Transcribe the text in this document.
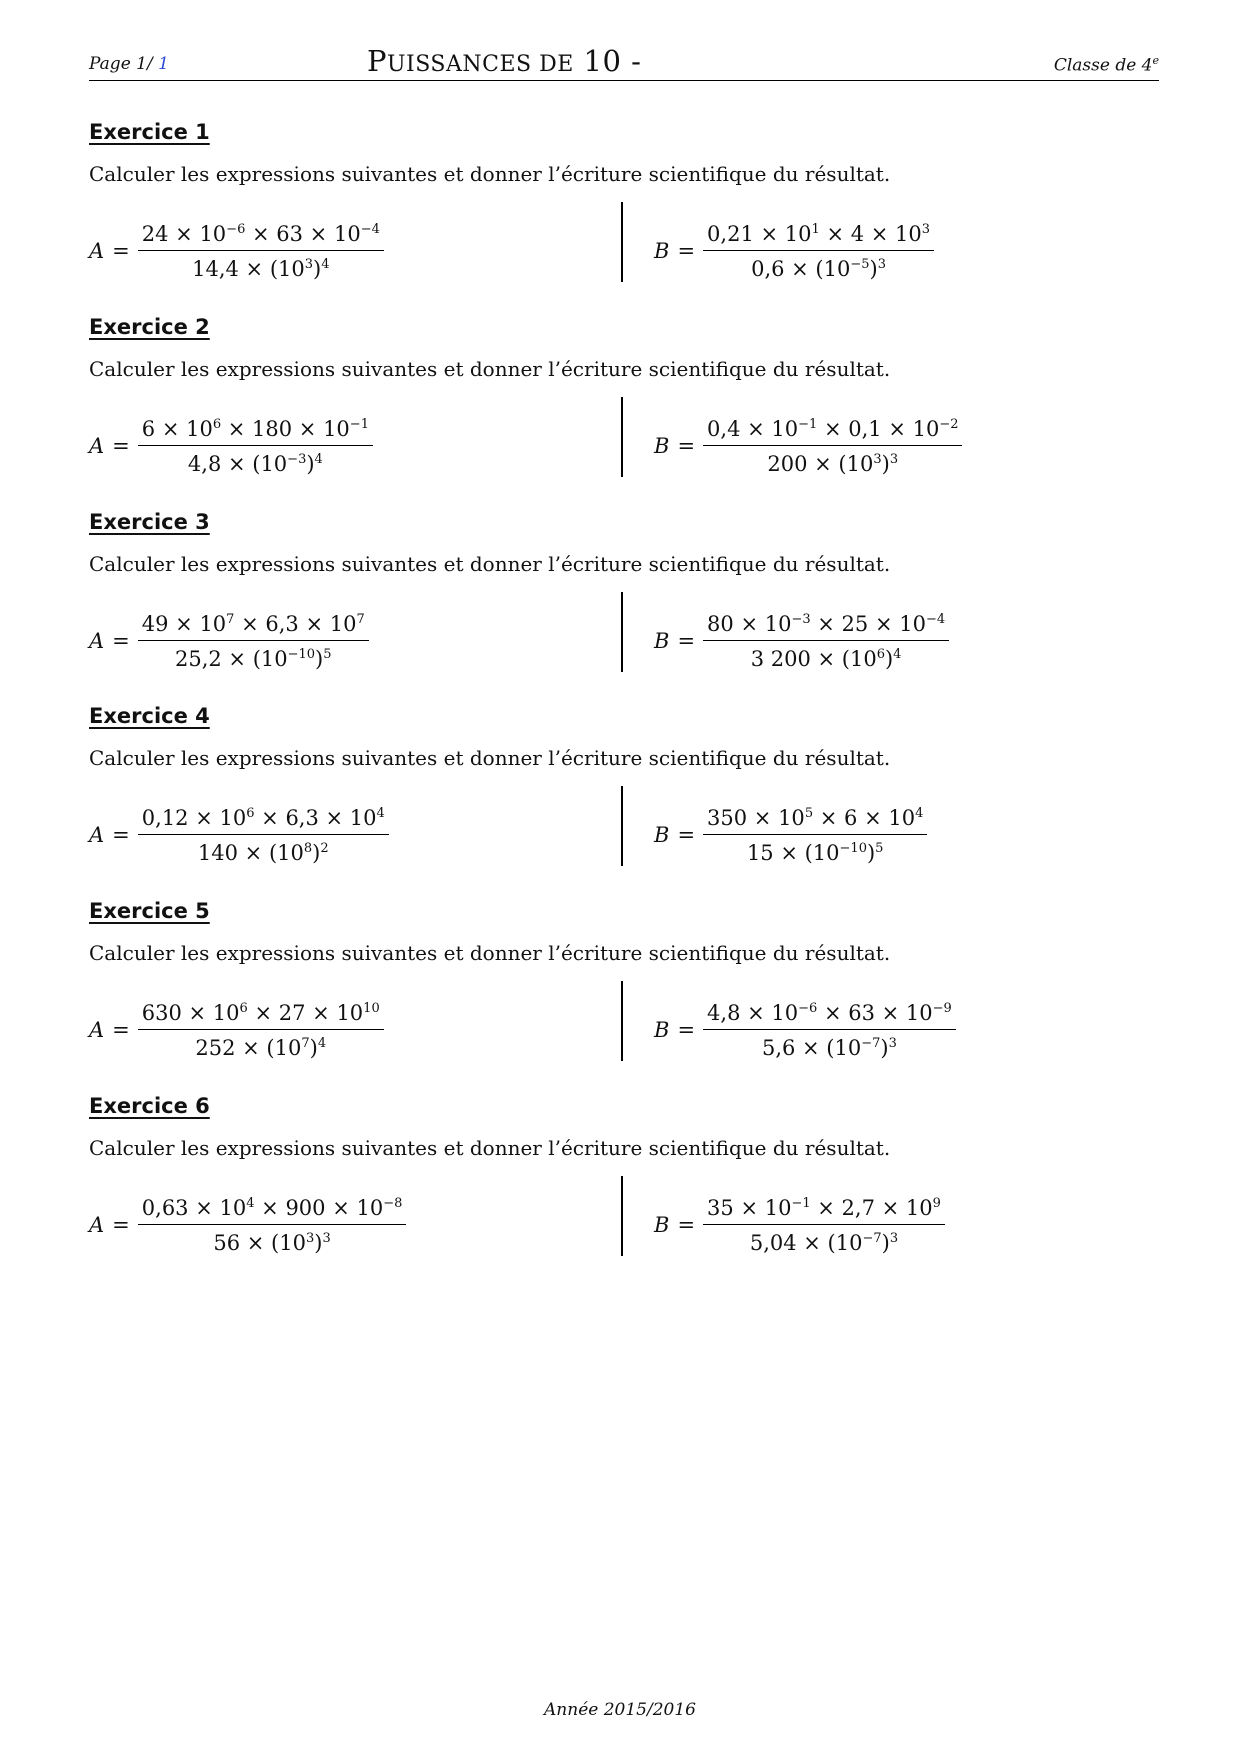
Page 1/ 1	PUISSANCES DE 10 -	Classe de 4e
Exercice 1
Calculer les expressions suivantes et donner l’écriture scientifique du résultat.
$A = \frac{24 \times 10^{-6} \times 63 \times 10^{-4}}{14,4 \times (10^3)^4}$	$B = \frac{0,21 \times 10^1 \times 4 \times 10^3}{0,6 \times (10^{-5})^3}$
Exercice 2
Calculer les expressions suivantes et donner l’écriture scientifique du résultat.
$A = \frac{6 \times 10^6 \times 180 \times 10^{-1}}{4,8 \times (10^{-3})^4}$	$B = \frac{0,4 \times 10^{-1} \times 0,1 \times 10^{-2}}{200 \times (10^3)^3}$
Exercice 3
Calculer les expressions suivantes et donner l’écriture scientifique du résultat.
$A = \frac{49 \times 10^7 \times 6,3 \times 10^7}{25,2 \times (10^{-10})^5}$	$B = \frac{80 \times 10^{-3} \times 25 \times 10^{-4}}{3 200 \times (10^6)^4}$
Exercice 4
Calculer les expressions suivantes et donner l’écriture scientifique du résultat.
$A = \frac{0,12 \times 10^6 \times 6,3 \times 10^4}{140 \times (10^8)^2}$	$B = \frac{350 \times 10^5 \times 6 \times 10^4}{15 \times (10^{-10})^5}$
Exercice 5
Calculer les expressions suivantes et donner l’écriture scientifique du résultat.
$A = \frac{630 \times 10^6 \times 27 \times 10^{10}}{252 \times (10^7)^4}$	$B = \frac{4,8 \times 10^{-6} \times 63 \times 10^{-9}}{5,6 \times (10^{-7})^3}$
Exercice 6
Calculer les expressions suivantes et donner l’écriture scientifique du résultat.
$A = \frac{0,63 \times 10^4 \times 900 \times 10^{-8}}{56 \times (10^3)^3}$	$B = \frac{35 \times 10^{-1} \times 2,7 \times 10^9}{5,04 \times (10^{-7})^3}$
Année 2015/2016
